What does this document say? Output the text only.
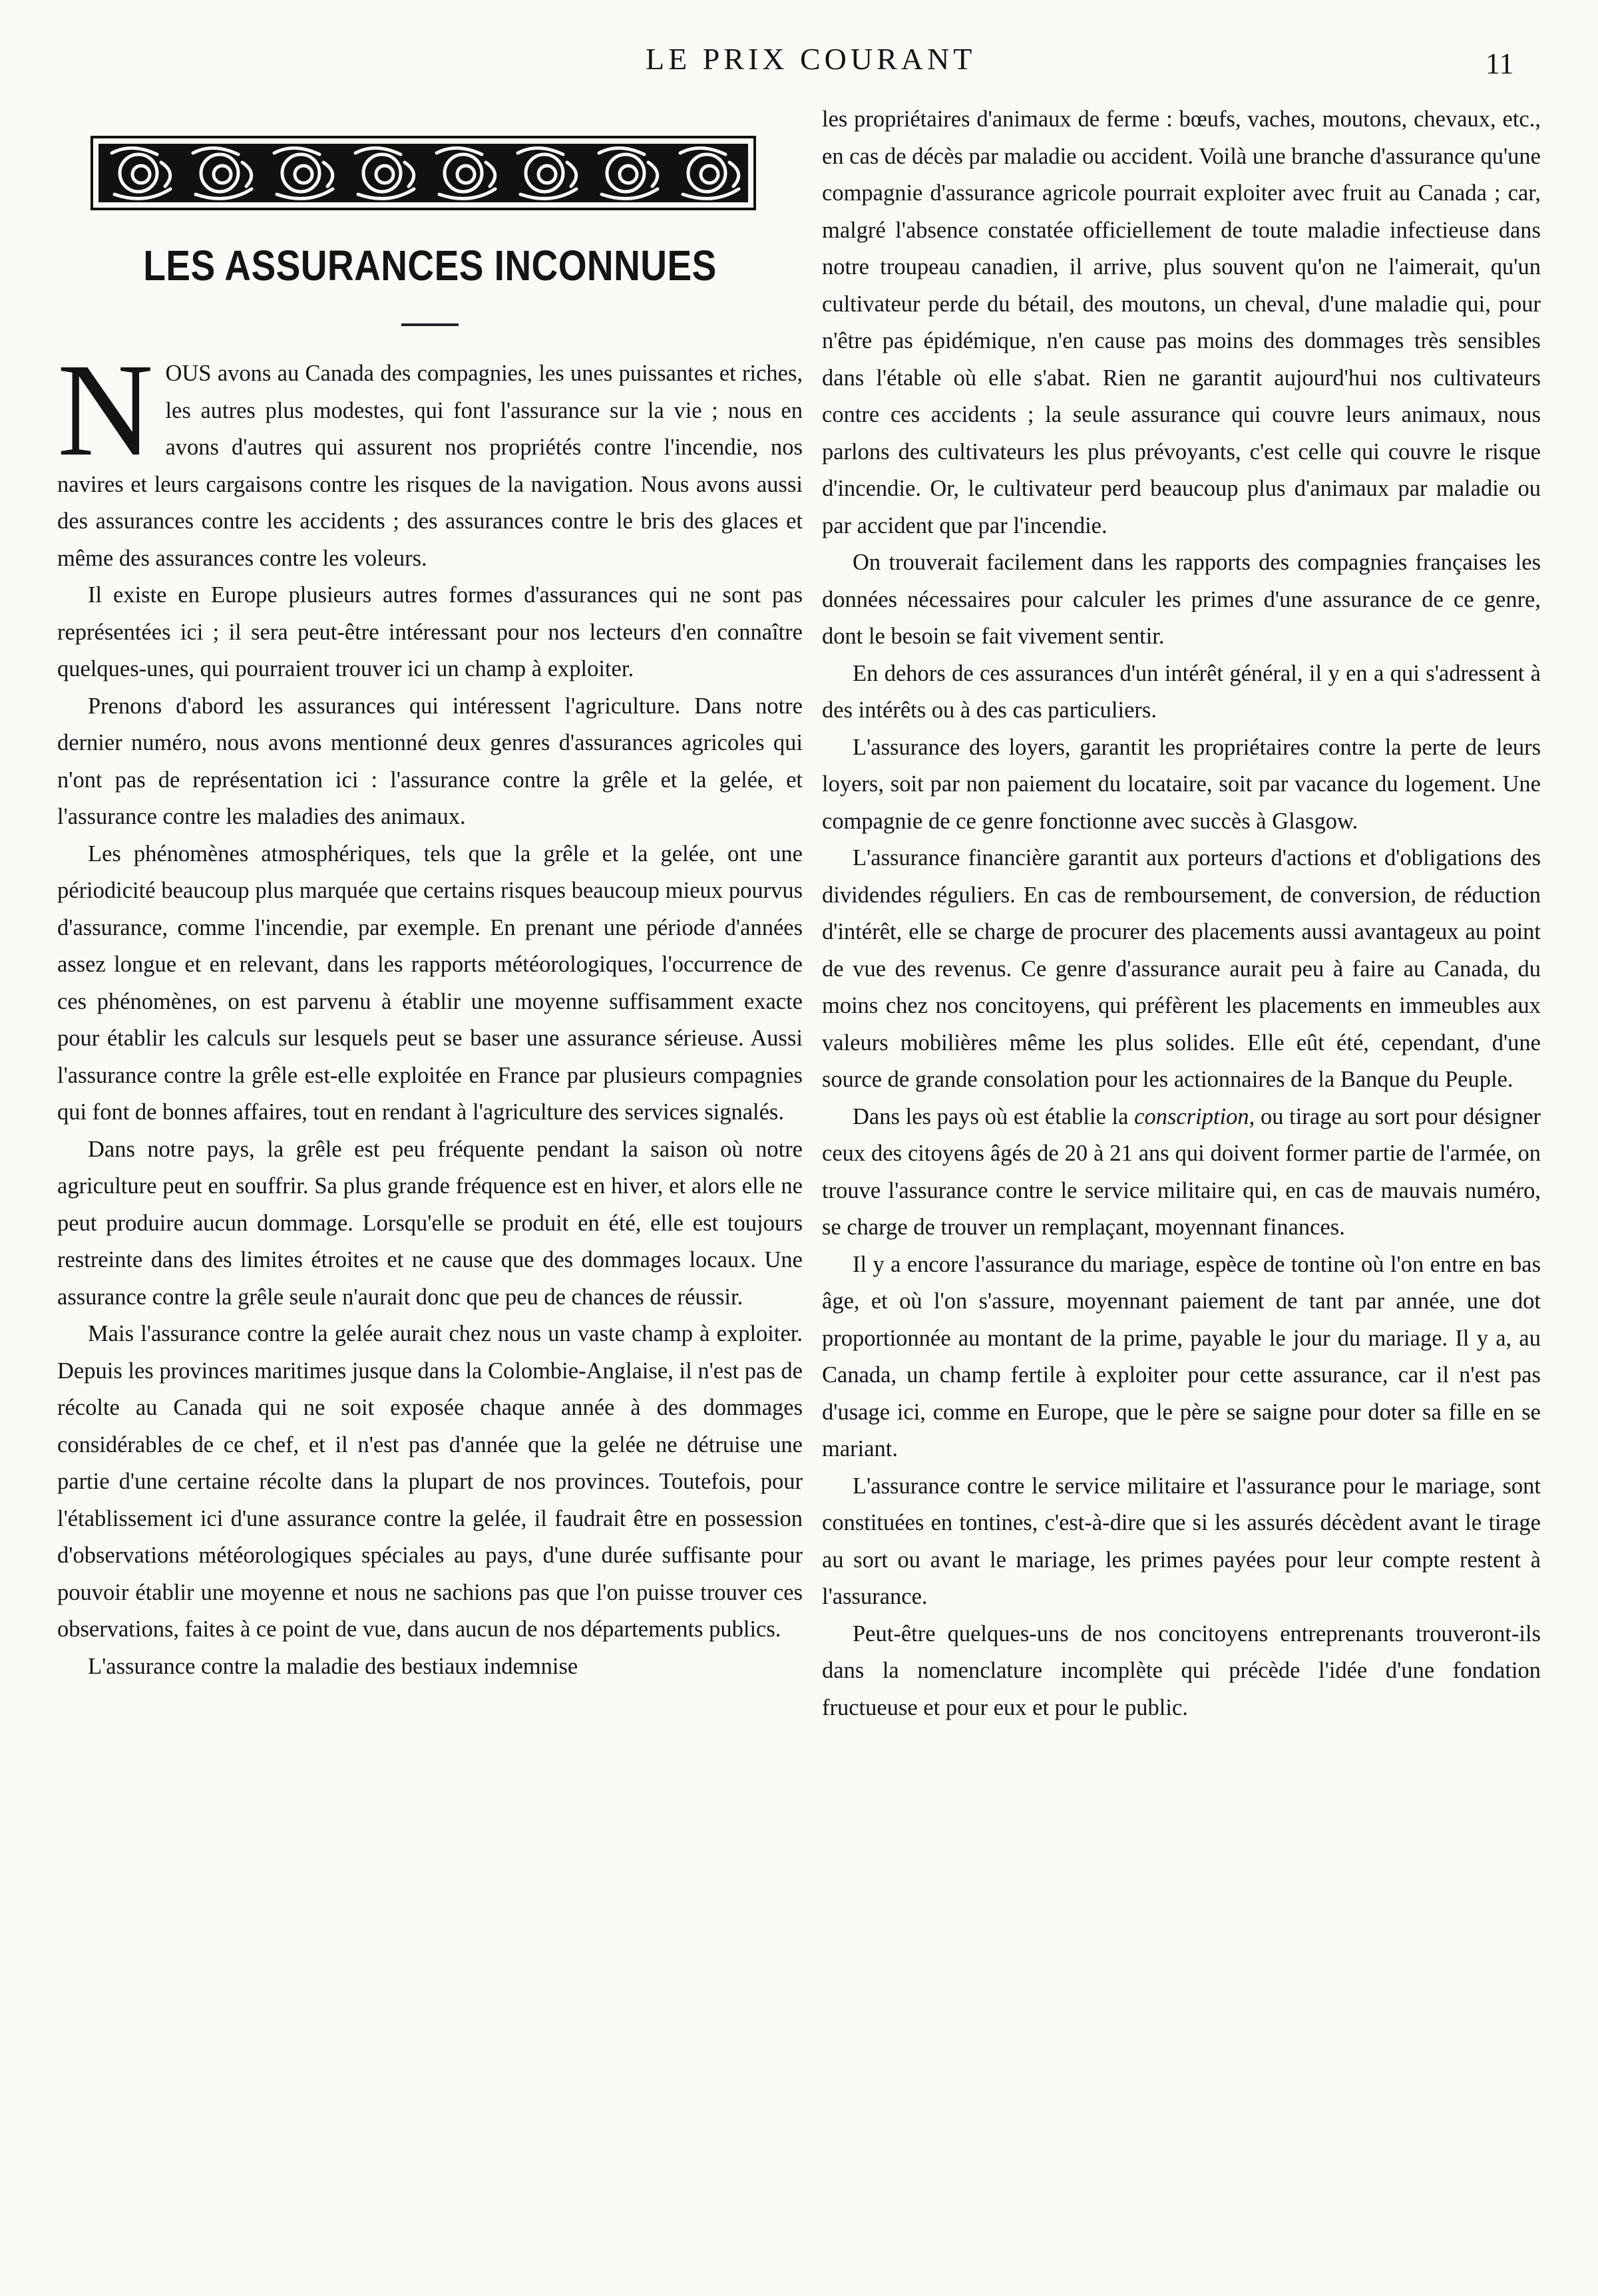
LE PRIX COURANT	11
LES ASSURANCES INCONNUES

NOUS avons au Canada des compagnies, les unes puissantes et riches, les autres plus modestes, qui font l'assurance sur la vie ; nous en avons d'autres qui assurent nos propriétés contre l'incendie, nos navires et leurs cargaisons contre les risques de la navigation. Nous avons aussi des assurances contre les accidents ; des assurances contre le bris des glaces et même des assurances contre les voleurs.

Il existe en Europe plusieurs autres formes d'assurances qui ne sont pas représentées ici ; il sera peut-être intéressant pour nos lecteurs d'en connaître quelques-unes, qui pourraient trouver ici un champ à exploiter.

Prenons d'abord les assurances qui intéressent l'agriculture. Dans notre dernier numéro, nous avons mentionné deux genres d'assurances agricoles qui n'ont pas de représentation ici : l'assurance contre la grêle et la gelée, et l'assurance contre les maladies des animaux.

Les phénomènes atmosphériques, tels que la grêle et la gelée, ont une périodicité beaucoup plus marquée que certains risques beaucoup mieux pourvus d'assurance, comme l'incendie, par exemple. En prenant une période d'années assez longue et en relevant, dans les rapports météorologiques, l'occurrence de ces phénomènes, on est parvenu à établir une moyenne suffisamment exacte pour établir les calculs sur lesquels peut se baser une assurance sérieuse. Aussi l'assurance contre la grêle est-elle exploitée en France par plusieurs compagnies qui font de bonnes affaires, tout en rendant à l'agriculture des services signalés.

Dans notre pays, la grêle est peu fréquente pendant la saison où notre agriculture peut en souffrir. Sa plus grande fréquence est en hiver, et alors elle ne peut produire aucun dommage. Lorsqu'elle se produit en été, elle est toujours restreinte dans des limites étroites et ne cause que des dommages locaux. Une assurance contre la grêle seule n'aurait donc que peu de chances de réussir.

Mais l'assurance contre la gelée aurait chez nous un vaste champ à exploiter. Depuis les provinces maritimes jusque dans la Colombie-Anglaise, il n'est pas de récolte au Canada qui ne soit exposée chaque année à des dommages considérables de ce chef, et il n'est pas d'année que la gelée ne détruise une partie d'une certaine récolte dans la plupart de nos provinces. Toutefois, pour l'établissement ici d'une assurance contre la gelée, il faudrait être en possession d'observations météorologiques spéciales au pays, d'une durée suffisante pour pouvoir établir une moyenne et nous ne sachions pas que l'on puisse trouver ces observations, faites à ce point de vue, dans aucun de nos départements publics.

L'assurance contre la maladie des bestiaux indemnise

les propriétaires d'animaux de ferme : bœufs, vaches, moutons, chevaux, etc., en cas de décès par maladie ou accident. Voilà une branche d'assurance qu'une compagnie d'assurance agricole pourrait exploiter avec fruit au Canada ; car, malgré l'absence constatée officiellement de toute maladie infectieuse dans notre troupeau canadien, il arrive, plus souvent qu'on ne l'aimerait, qu'un cultivateur perde du bétail, des moutons, un cheval, d'une maladie qui, pour n'être pas épidémique, n'en cause pas moins des dommages très sensibles dans l'étable où elle s'abat. Rien ne garantit aujourd'hui nos cultivateurs contre ces accidents ; la seule assurance qui couvre leurs animaux, nous parlons des cultivateurs les plus prévoyants, c'est celle qui couvre le risque d'incendie. Or, le cultivateur perd beaucoup plus d'animaux par maladie ou par accident que par l'incendie.

On trouverait facilement dans les rapports des compagnies françaises les données nécessaires pour calculer les primes d'une assurance de ce genre, dont le besoin se fait vivement sentir.

En dehors de ces assurances d'un intérêt général, il y en a qui s'adressent à des intérêts ou à des cas particuliers.

L'assurance des loyers, garantit les propriétaires contre la perte de leurs loyers, soit par non paiement du locataire, soit par vacance du logement. Une compagnie de ce genre fonctionne avec succès à Glasgow.

L'assurance financière garantit aux porteurs d'actions et d'obligations des dividendes réguliers. En cas de remboursement, de conversion, de réduction d'intérêt, elle se charge de procurer des placements aussi avantageux au point de vue des revenus. Ce genre d'assurance aurait peu à faire au Canada, du moins chez nos concitoyens, qui préfèrent les placements en immeubles aux valeurs mobilières même les plus solides. Elle eût été, cependant, d'une source de grande consolation pour les actionnaires de la Banque du Peuple.

Dans les pays où est établie la conscription, ou tirage au sort pour désigner ceux des citoyens âgés de 20 à 21 ans qui doivent former partie de l'armée, on trouve l'assurance contre le service militaire qui, en cas de mauvais numéro, se charge de trouver un remplaçant, moyennant finances.

Il y a encore l'assurance du mariage, espèce de tontine où l'on entre en bas âge, et où l'on s'assure, moyennant paiement de tant par année, une dot proportionnée au montant de la prime, payable le jour du mariage. Il y a, au Canada, un champ fertile à exploiter pour cette assurance, car il n'est pas d'usage ici, comme en Europe, que le père se saigne pour doter sa fille en se mariant.

L'assurance contre le service militaire et l'assurance pour le mariage, sont constituées en tontines, c'est-à-dire que si les assurés décèdent avant le tirage au sort ou avant le mariage, les primes payées pour leur compte restent à l'assurance.

Peut-être quelques-uns de nos concitoyens entreprenants trouveront-ils dans la nomenclature incomplète qui précède l'idée d'une fondation fructueuse et pour eux et pour le public.
